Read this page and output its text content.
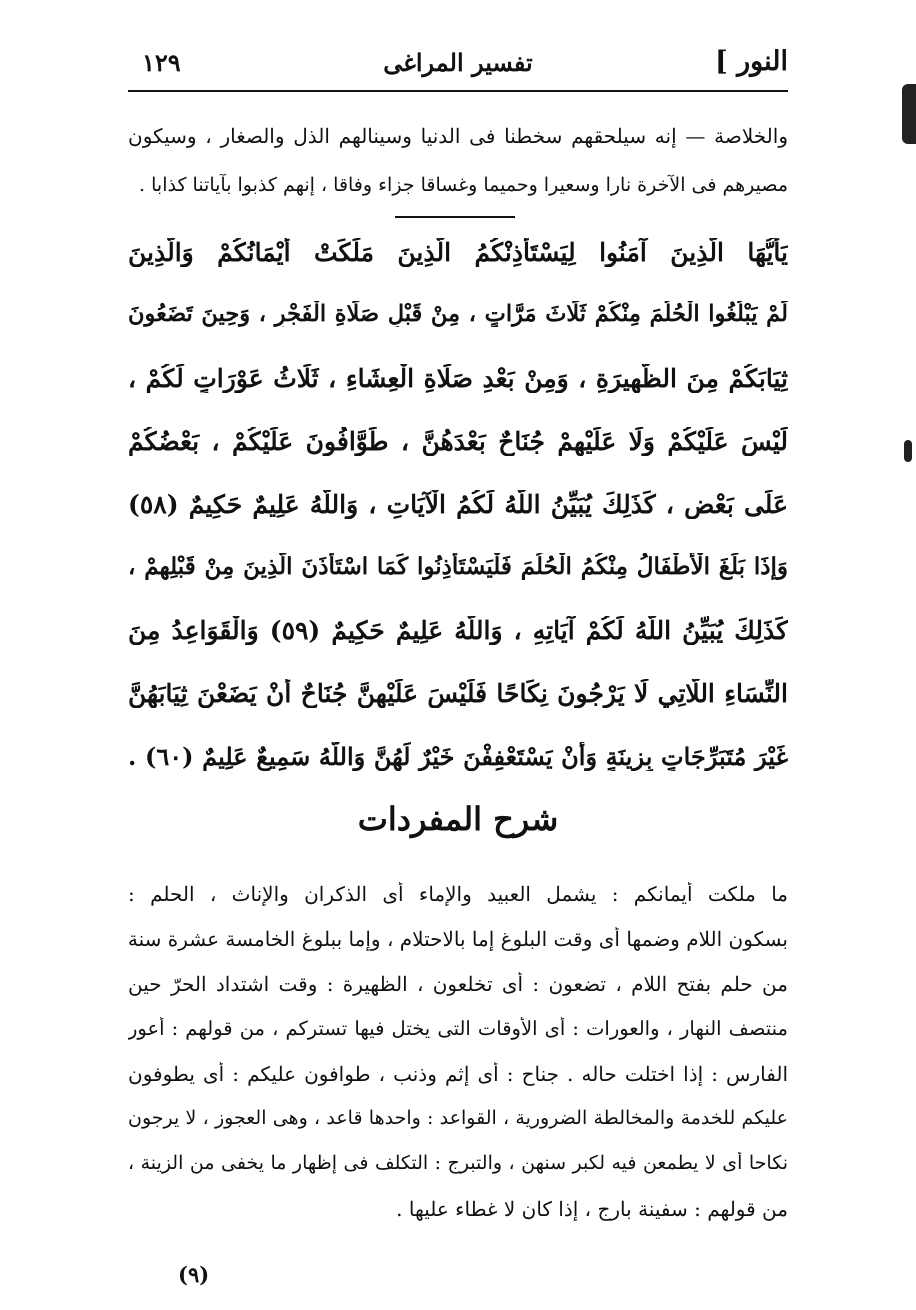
النور ]
تفسير المراغى
١٢٩
والخلاصة — إنه سيلحقهم سخطنا فى الدنيا وسينالهم الذل والصغار ، وسيكون
مصيرهم فى الآخرة نارا وسعيرا وحميما وغساقا جزاء وفاقا ، إنهم كذبوا بآياتنا كذابا .
يَأَيُّهَا الَّذِينَ آمَنُوا لِيَسْتَأْذِنْكُمُ الَّذِينَ مَلَكَتْ أَيْمَانُكُمْ وَالَّذِينَ
لَمْ يَبْلُغُوا الْحُلُمَ مِنْكُمْ ثَلَاثَ مَرَّاتٍ ، مِنْ قَبْلِ صَلَاةِ الْفَجْرِ ، وَحِينَ تَضَعُونَ
ثِيَابَكُمْ مِنَ الظَّهِيرَةِ ، وَمِنْ بَعْدِ صَلَاةِ الْعِشَاءِ ، ثَلَاثُ عَوْرَاتٍ لَكُمْ ،
لَيْسَ عَلَيْكُمْ وَلَا عَلَيْهِمْ جُنَاحٌ بَعْدَهُنَّ ، طَوَّافُونَ عَلَيْكُمْ ، بَعْضُكُمْ
عَلَى بَعْضٍ ، كَذَلِكَ يُبَيِّنُ اللَّهُ لَكُمُ الْآيَاتِ ، وَاللَّهُ عَلِيمٌ حَكِيمٌ (٥٨)
وَإِذَا بَلَغَ الْأَطْفَالُ مِنْكُمُ الْحُلُمَ فَلْيَسْتَأْذِنُوا كَمَا اسْتَأْذَنَ الَّذِينَ مِنْ قَبْلِهِمْ ،
كَذَلِكَ يُبَيِّنُ اللَّهُ لَكُمْ آيَاتِهِ ، وَاللَّهُ عَلِيمٌ حَكِيمٌ (٥٩) وَالْقَوَاعِدُ مِنَ
النِّسَاءِ اللَّاتِي لَا يَرْجُونَ نِكَاحًا فَلَيْسَ عَلَيْهِنَّ جُنَاحٌ أَنْ يَضَعْنَ ثِيَابَهُنَّ
غَيْرَ مُتَبَرِّجَاتٍ بِزِينَةٍ وَأَنْ يَسْتَعْفِفْنَ خَيْرٌ لَهُنَّ وَاللَّهُ سَمِيعٌ عَلِيمٌ (٦٠) .
شرح المفردات
ما ملكت أيمانكم : يشمل العبيد والإماء أى الذكران والإناث ، الحلم :
بسكون اللام وضمها أى وقت البلوغ إما بالاحتلام ، وإما ببلوغ الخامسة عشرة سنة
من حلم بفتح اللام ، تضعون : أى تخلعون ، الظهيرة : وقت اشتداد الحرّ حين
منتصف النهار ، والعورات : أى الأوقات التى يختل فيها تستركم ، من قولهم : أعور
الفارس : إذا اختلت حاله . جناح : أى إثم وذنب ، طوافون عليكم : أى يطوفون
عليكم للخدمة والمخالطة الضرورية ، القواعد : واحدها قاعد ، وهى العجوز ، لا يرجون
نكاحا أى لا يطمعن فيه لكبر سنهن ، والتبرج : التكلف فى إظهار ما يخفى من الزينة ،
من قولهم : سفينة بارج ، إذا كان لا غطاء عليها .
(٩)
